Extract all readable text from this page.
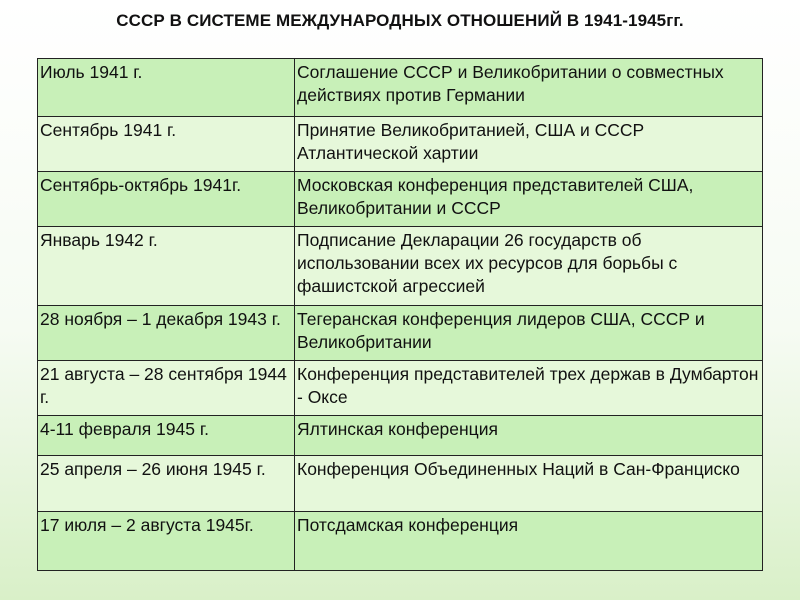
СССР В СИСТЕМЕ МЕЖДУНАРОДНЫХ ОТНОШЕНИЙ В 1941-1945гг.
Июль 1941 г.	Соглашение СССР и Великобритании о совместных действиях против Германии
Сентябрь 1941 г.	Принятие Великобританией, США и СССР Атлантической хартии
Сентябрь-октябрь 1941г.	Московская конференция представителей США, Великобритании и СССР
Январь 1942 г.	Подписание Декларации 26 государств об использовании всех их ресурсов для борьбы с фашистской агрессией
28 ноября – 1 декабря 1943 г.	Тегеранская конференция лидеров США, СССР и Великобритании
21 августа – 28 сентября 1944 г.	Конференция представителей трех держав в Думбартон - Оксе
4-11 февраля 1945 г.	Ялтинская конференция
25 апреля – 26 июня 1945 г.	Конференция Объединенных Наций в Сан-Франциско
17 июля – 2 августа 1945г.	Потсдамская конференция
